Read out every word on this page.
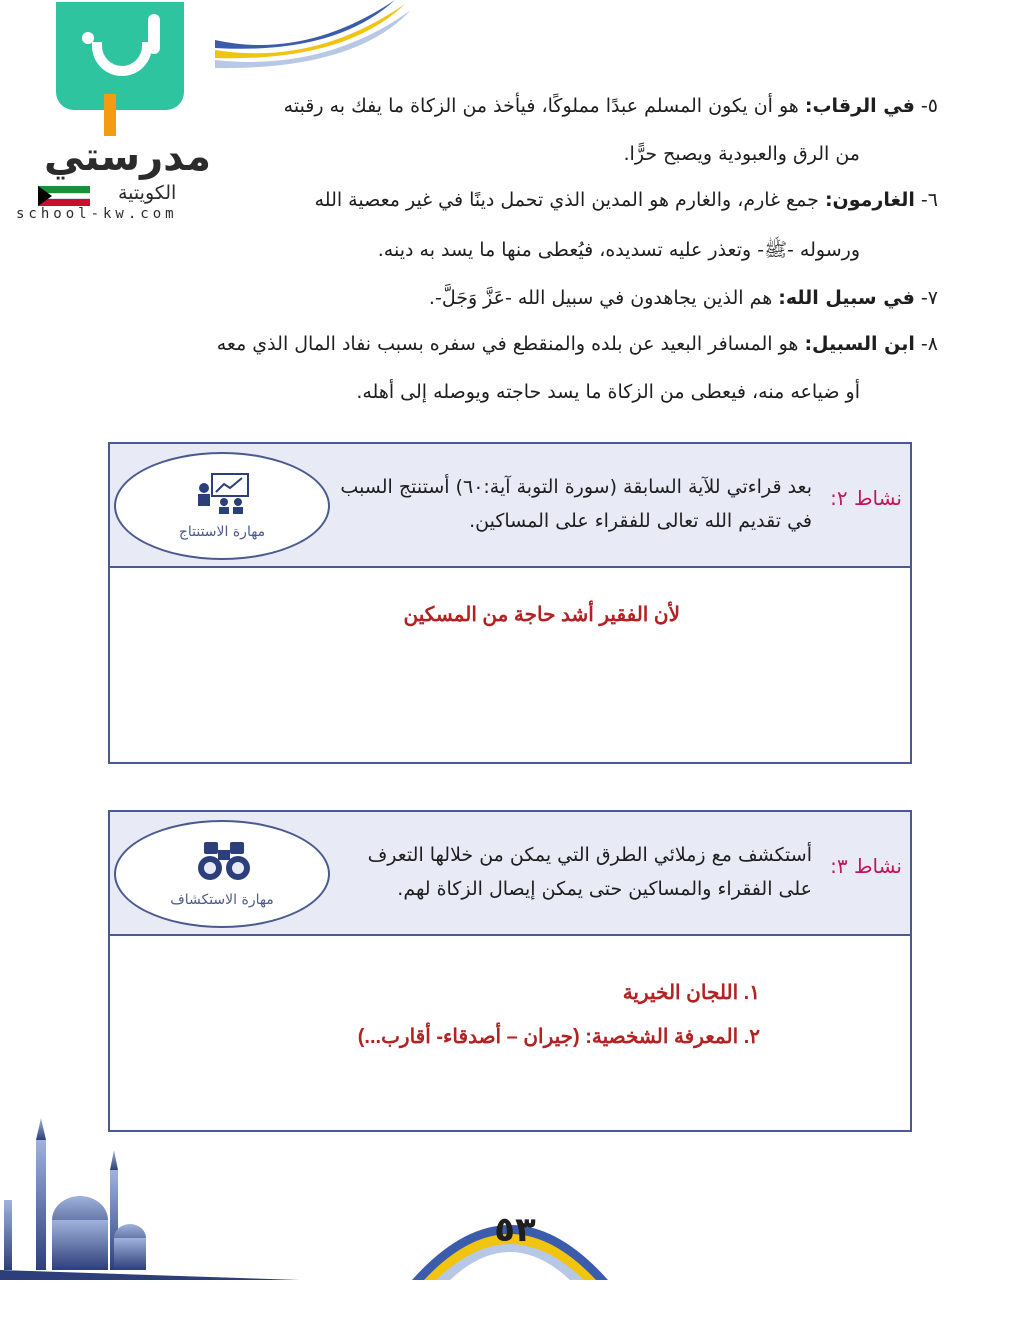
مدرستي
الكويتية
school-kw.com
٥- في الرقاب: هو أن يكون المسلم عبدًا مملوكًا، فيأخذ من الزكاة ما يفك به رقبته
من الرق والعبودية ويصبح حرًّا.
٦- الغارمون: جمع غارم، والغارم هو المدين الذي تحمل دينًا في غير معصية الله
ورسوله -ﷺ- وتعذر عليه تسديده، فيُعطى منها ما يسد به دينه.
٧- في سبيل الله: هم الذين يجاهدون في سبيل الله -عَزَّ وَجَلَّ-.
٨- ابن السبيل: هو المسافر البعيد عن بلده والمنقطع في سفره بسبب نفاد المال الذي معه
أو ضياعه منه، فيعطى من الزكاة ما يسد حاجته ويوصله إلى أهله.
نشاط ٢:
بعد قراءتي للآية السابقة (سورة التوبة آية:٦٠) أستنتج السبب في تقديم الله تعالى للفقراء على المساكين.
مهارة الاستنتاج
لأن الفقير أشد حاجة من المسكين
نشاط ٣:
أستكشف مع زملائي الطرق التي يمكن من خلالها التعرف على الفقراء والمساكين حتى يمكن إيصال الزكاة لهم.
مهارة الاستكشاف
١. اللجان الخيرية
٢. المعرفة الشخصية: (جيران – أصدقاء- أقارب...)
٥٣
